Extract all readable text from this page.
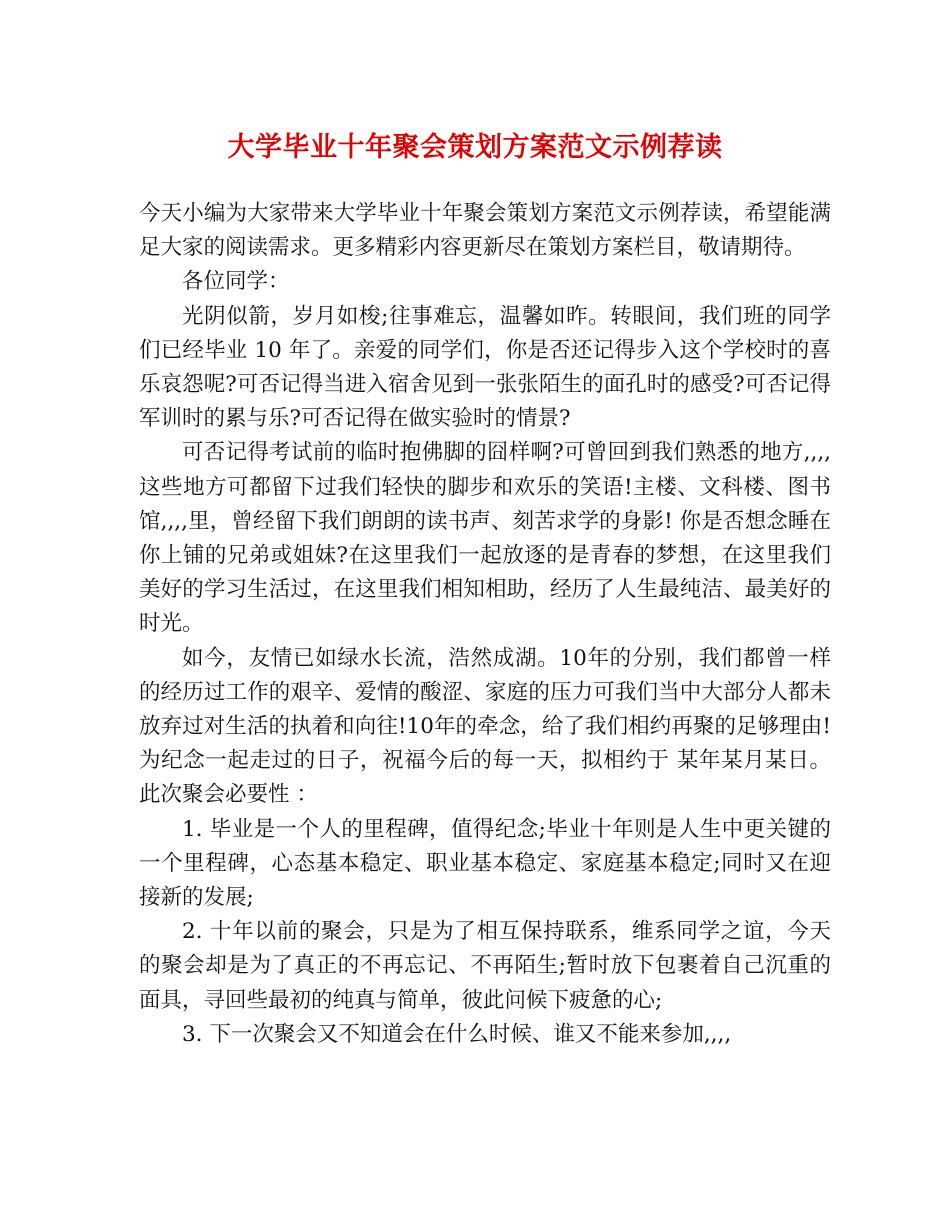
大学毕业十年聚会策划方案范文示例荐读

今天小编为大家带来大学毕业十年聚会策划方案范文示例荐读，希望能满足大家的阅读需求。更多精彩内容更新尽在策划方案栏目，敬请期待。

各位同学：

光阴似箭，岁月如梭;往事难忘，温馨如昨。转眼间，我们班的同学们已经毕业 10 年了。亲爱的同学们，你是否还记得步入这个学校时的喜乐哀怨呢?可否记得当进入宿舍见到一张张陌生的面孔时的感受?可否记得军训时的累与乐?可否记得在做实验时的情景?

可否记得考试前的临时抱佛脚的囧样啊?可曾回到我们熟悉的地方,,,,这些地方可都留下过我们轻快的脚步和欢乐的笑语!主楼、文科楼、图书馆,,,,里，曾经留下我们朗朗的读书声、刻苦求学的身影! 你是否想念睡在你上铺的兄弟或姐妹?在这里我们一起放逐的是青春的梦想，在这里我们美好的学习生活过，在这里我们相知相助，经历了人生最纯洁、最美好的时光。

如今，友情已如绿水长流，浩然成湖。10年的分别，我们都曾一样的经历过工作的艰辛、爱情的酸涩、家庭的压力可我们当中大部分人都未放弃过对生活的执着和向往!10年的牵念，给了我们相约再聚的足够理由!为纪念一起走过的日子，祝福今后的每一天，拟相约于 某年某月某日。此次聚会必要性 ：

1. 毕业是一个人的里程碑，值得纪念;毕业十年则是人生中更关键的一个里程碑，心态基本稳定、职业基本稳定、家庭基本稳定;同时又在迎接新的发展;

2. 十年以前的聚会，只是为了相互保持联系，维系同学之谊，今天的聚会却是为了真正的不再忘记、不再陌生;暂时放下包裹着自己沉重的面具，寻回些最初的纯真与简单，彼此问候下疲惫的心;

3. 下一次聚会又不知道会在什么时候、谁又不能来参加,,,,
